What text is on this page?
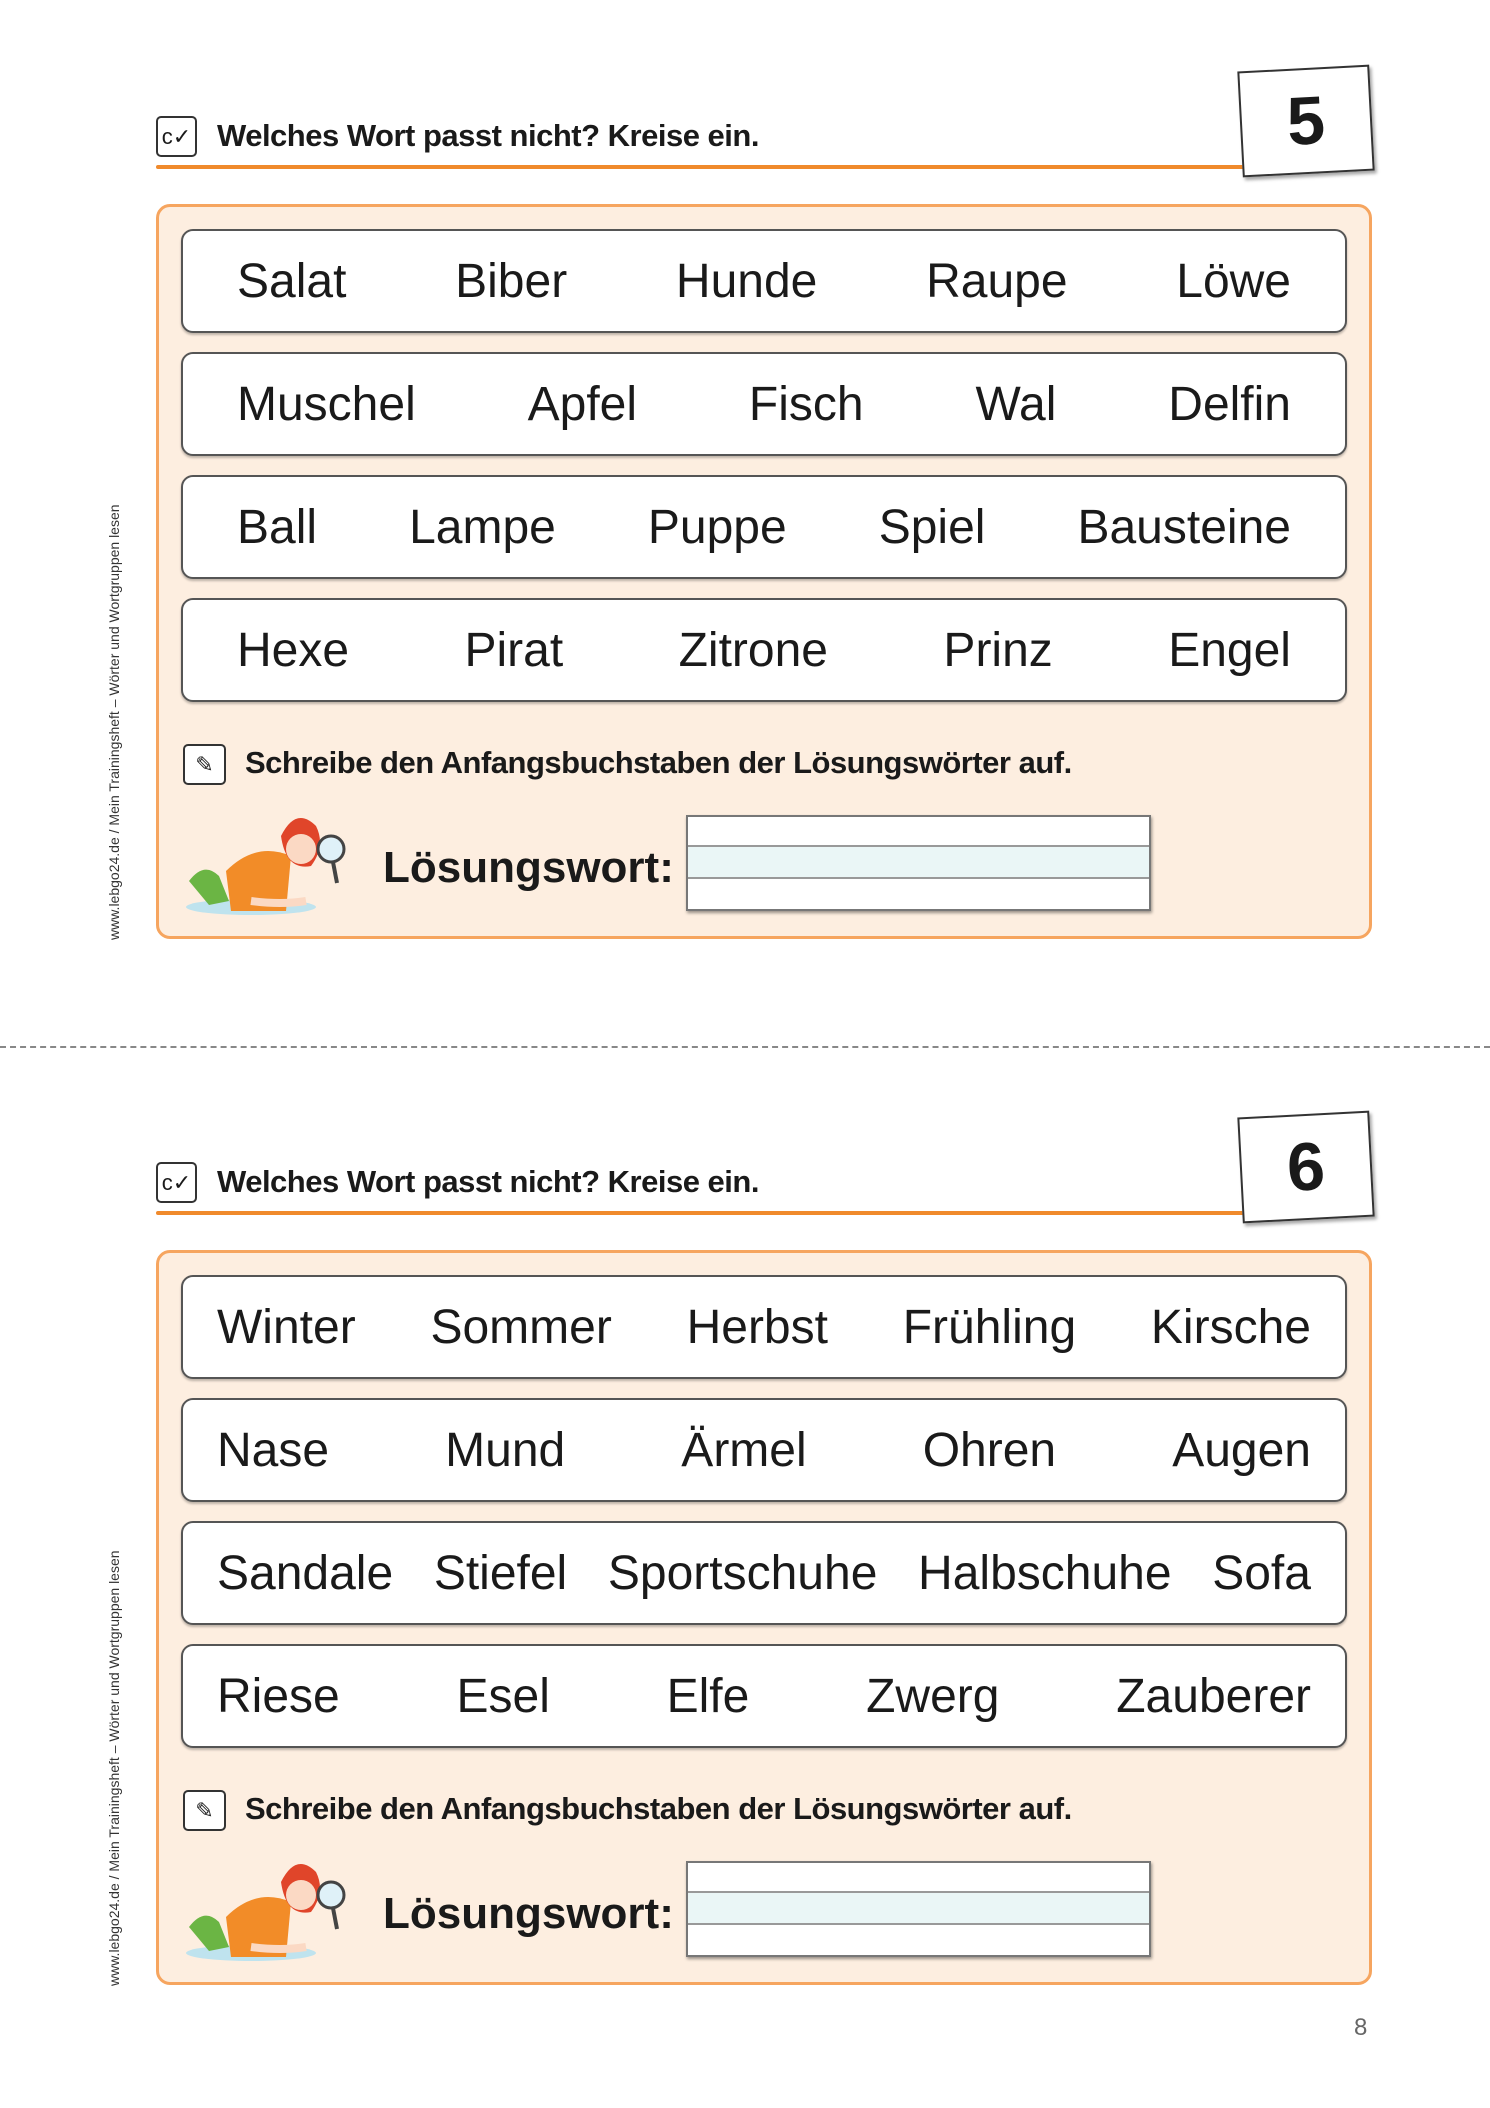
www.lebgo24.de / Mein Trainingsheft – Wörter und Wortgruppen lesen
c✓ Welches Wort passt nicht? Kreise ein.	5
Salat Biber Hunde Raupe Löwe
Muschel Apfel Fisch Wal Delfin
Ball Lampe Puppe Spiel Bausteine
Hexe Pirat Zitrone Prinz Engel
✎	Schreibe den Anfangsbuchstaben der Lösungswörter auf.
Lösungswort:
www.lebgo24.de / Mein Trainingsheft – Wörter und Wortgruppen lesen
c✓ Welches Wort passt nicht? Kreise ein.	6
Winter Sommer Herbst Frühling Kirsche
Nase Mund Ärmel Ohren Augen
Sandale Stiefel Sportschuhe Halbschuhe Sofa
Riese Esel Elfe Zwerg Zauberer
✎	Schreibe den Anfangsbuchstaben der Lösungswörter auf.
Lösungswort:
8
